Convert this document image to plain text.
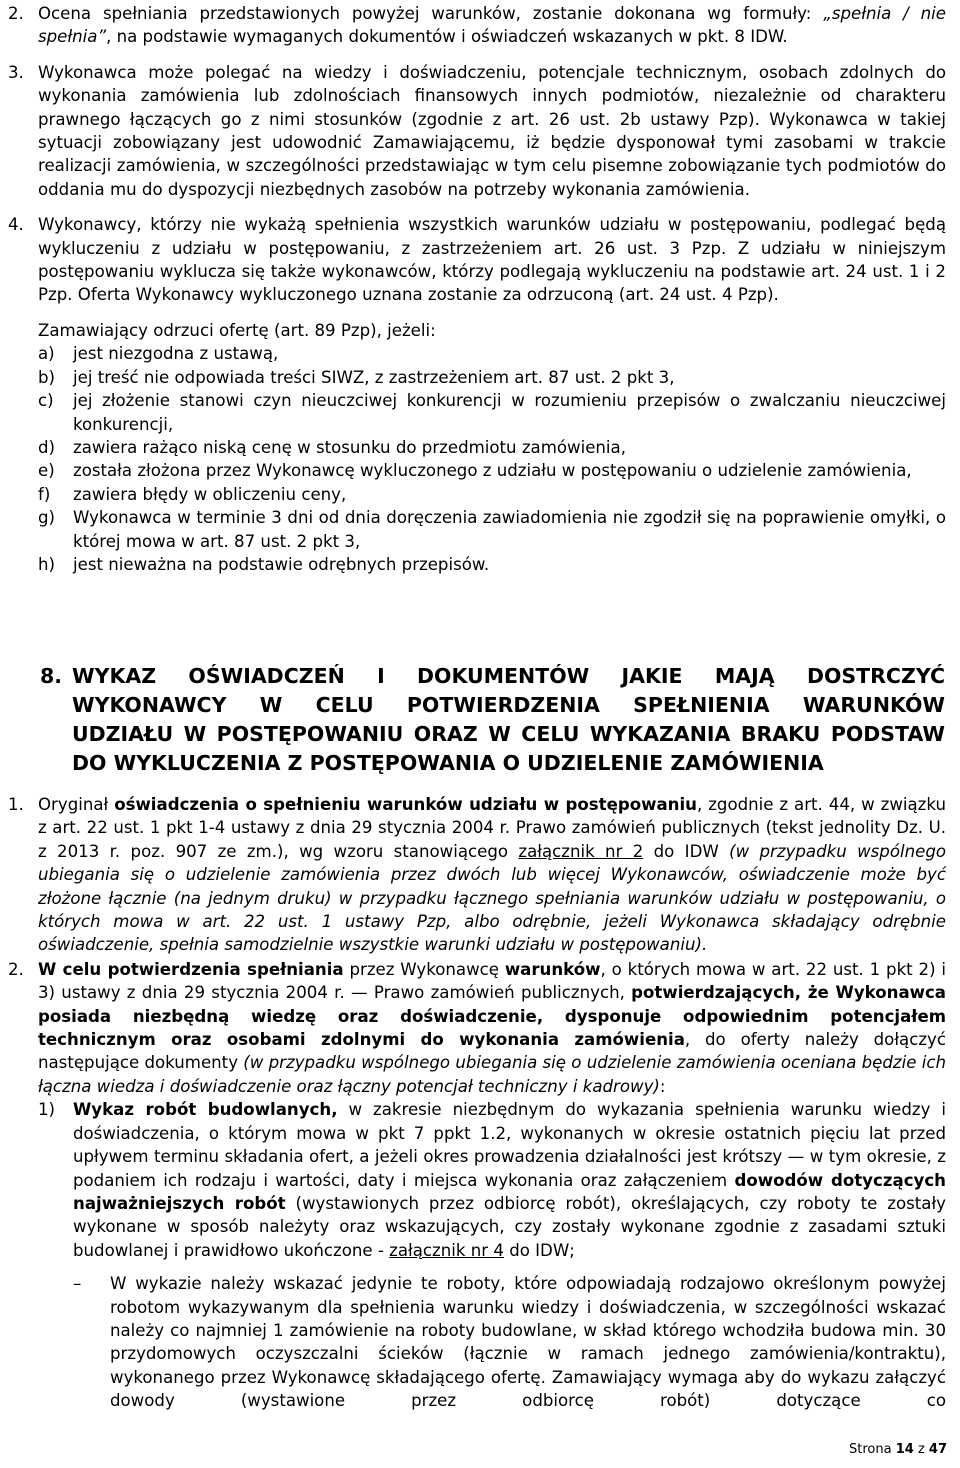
2. Ocena spełniania przedstawionych powyżej warunków, zostanie dokonana wg formuły: „spełnia / nie spełnia”, na podstawie wymaganych dokumentów i oświadczeń wskazanych w pkt. 8 IDW.
3. Wykonawca może polegać na wiedzy i doświadczeniu, potencjale technicznym, osobach zdolnych do wykonania zamówienia lub zdolnościach finansowych innych podmiotów, niezależnie od charakteru prawnego łączących go z nimi stosunków (zgodnie z art. 26 ust. 2b ustawy Pzp). Wykonawca w takiej sytuacji zobowiązany jest udowodnić Zamawiającemu, iż będzie dysponował tymi zasobami w trakcie realizacji zamówienia, w szczególności przedstawiając w tym celu pisemne zobowiązanie tych podmiotów do oddania mu do dyspozycji niezbędnych zasobów na potrzeby wykonania zamówienia.
4. Wykonawcy, którzy nie wykażą spełnienia wszystkich warunków udziału w postępowaniu, podlegać będą wykluczeniu z udziału w postępowaniu, z zastrzeżeniem art. 26 ust. 3 Pzp. Z udziału w niniejszym postępowaniu wyklucza się także wykonawców, którzy podlegają wykluczeniu na podstawie art. 24 ust. 1 i 2 Pzp. Oferta Wykonawcy wykluczonego uznana zostanie za odrzuconą (art. 24 ust. 4 Pzp).
Zamawiający odrzuci ofertę (art. 89 Pzp), jeżeli:
a)	jest niezgodna z ustawą,
b)	jej treść nie odpowiada treści SIWZ, z zastrzeżeniem art. 87 ust. 2 pkt 3,
c)	jej złożenie stanowi czyn nieuczciwej konkurencji w rozumieniu przepisów o zwalczaniu nieuczciwej konkurencji,
d)	zawiera rażąco niską cenę w stosunku do przedmiotu zamówienia,
e)	została złożona przez Wykonawcę wykluczonego z udziału w postępowaniu o udzielenie zamówienia,
f)	zawiera błędy w obliczeniu ceny,
g)	Wykonawca w terminie 3 dni od dnia doręczenia zawiadomienia nie zgodził się na poprawienie omyłki, o której mowa w art. 87 ust. 2 pkt 3,
h)	jest nieważna na podstawie odrębnych przepisów.
8. WYKAZ OŚWIADCZEŃ I DOKUMENTÓW JAKIE MAJĄ DOSTRCZYĆ
WYKONAWCY W CELU POTWIERDZENIA SPEŁNIENIA WARUNKÓW
UDZIAŁU W POSTĘPOWANIU ORAZ W CELU WYKAZANIA BRAKU PODSTAW
DO WYKLUCZENIA Z POSTĘPOWANIA O UDZIELENIE ZAMÓWIENIA
1. Oryginał oświadczenia o spełnieniu warunków udziału w postępowaniu, zgodnie z art. 44, w związku z art. 22 ust. 1 pkt 1-4 ustawy z dnia 29 stycznia 2004 r. Prawo zamówień publicznych (tekst jednolity Dz. U. z 2013 r. poz. 907 ze zm.), wg wzoru stanowiącego załącznik nr 2 do IDW (w przypadku wspólnego ubiegania się o udzielenie zamówienia przez dwóch lub więcej Wykonawców, oświadczenie może być złożone łącznie (na jednym druku) w przypadku łącznego spełniania warunków udziału w postępowaniu, o których mowa w art. 22 ust. 1 ustawy Pzp, albo odrębnie, jeżeli Wykonawca składający odrębnie oświadczenie, spełnia samodzielnie wszystkie warunki udziału w postępowaniu).
2. W celu potwierdzenia spełniania przez Wykonawcę warunków, o których mowa w art. 22 ust. 1 pkt 2) i 3) ustawy z dnia 29 stycznia 2004 r. — Prawo zamówień publicznych, potwierdzających, że Wykonawca posiada niezbędną wiedzę oraz doświadczenie, dysponuje odpowiednim potencjałem technicznym oraz osobami zdolnymi do wykonania zamówienia, do oferty należy dołączyć następujące dokumenty (w przypadku wspólnego ubiegania się o udzielenie zamówienia oceniana będzie ich łączna wiedza i doświadczenie oraz łączny potencjał techniczny i kadrowy):
1)	Wykaz robót budowlanych, w zakresie niezbędnym do wykazania spełnienia warunku wiedzy i doświadczenia, o którym mowa w pkt 7 ppkt 1.2, wykonanych w okresie ostatnich pięciu lat przed upływem terminu składania ofert, a jeżeli okres prowadzenia działalności jest krótszy — w tym okresie, z podaniem ich rodzaju i wartości, daty i miejsca wykonania oraz załączeniem dowodów dotyczących najważniejszych robót (wystawionych przez odbiorcę robót), określających, czy roboty te zostały wykonane w sposób należyty oraz wskazujących, czy zostały wykonane zgodnie z zasadami sztuki budowlanej i prawidłowo ukończone - załącznik nr 4 do IDW;
–	W wykazie należy wskazać jedynie te roboty, które odpowiadają rodzajowo określonym powyżej robotom wykazywanym dla spełnienia warunku wiedzy i doświadczenia, w szczególności wskazać należy co najmniej 1 zamówienie na roboty budowlane, w skład którego wchodziła budowa min. 30 przydomowych oczyszczalni ścieków (łącznie w ramach jednego zamówienia/kontraktu), wykonanego przez Wykonawcę składającego ofertę. Zamawiający wymaga aby do wykazu załączyć dowody (wystawione przez odbiorcę robót) dotyczące co
Strona 14 z 47
